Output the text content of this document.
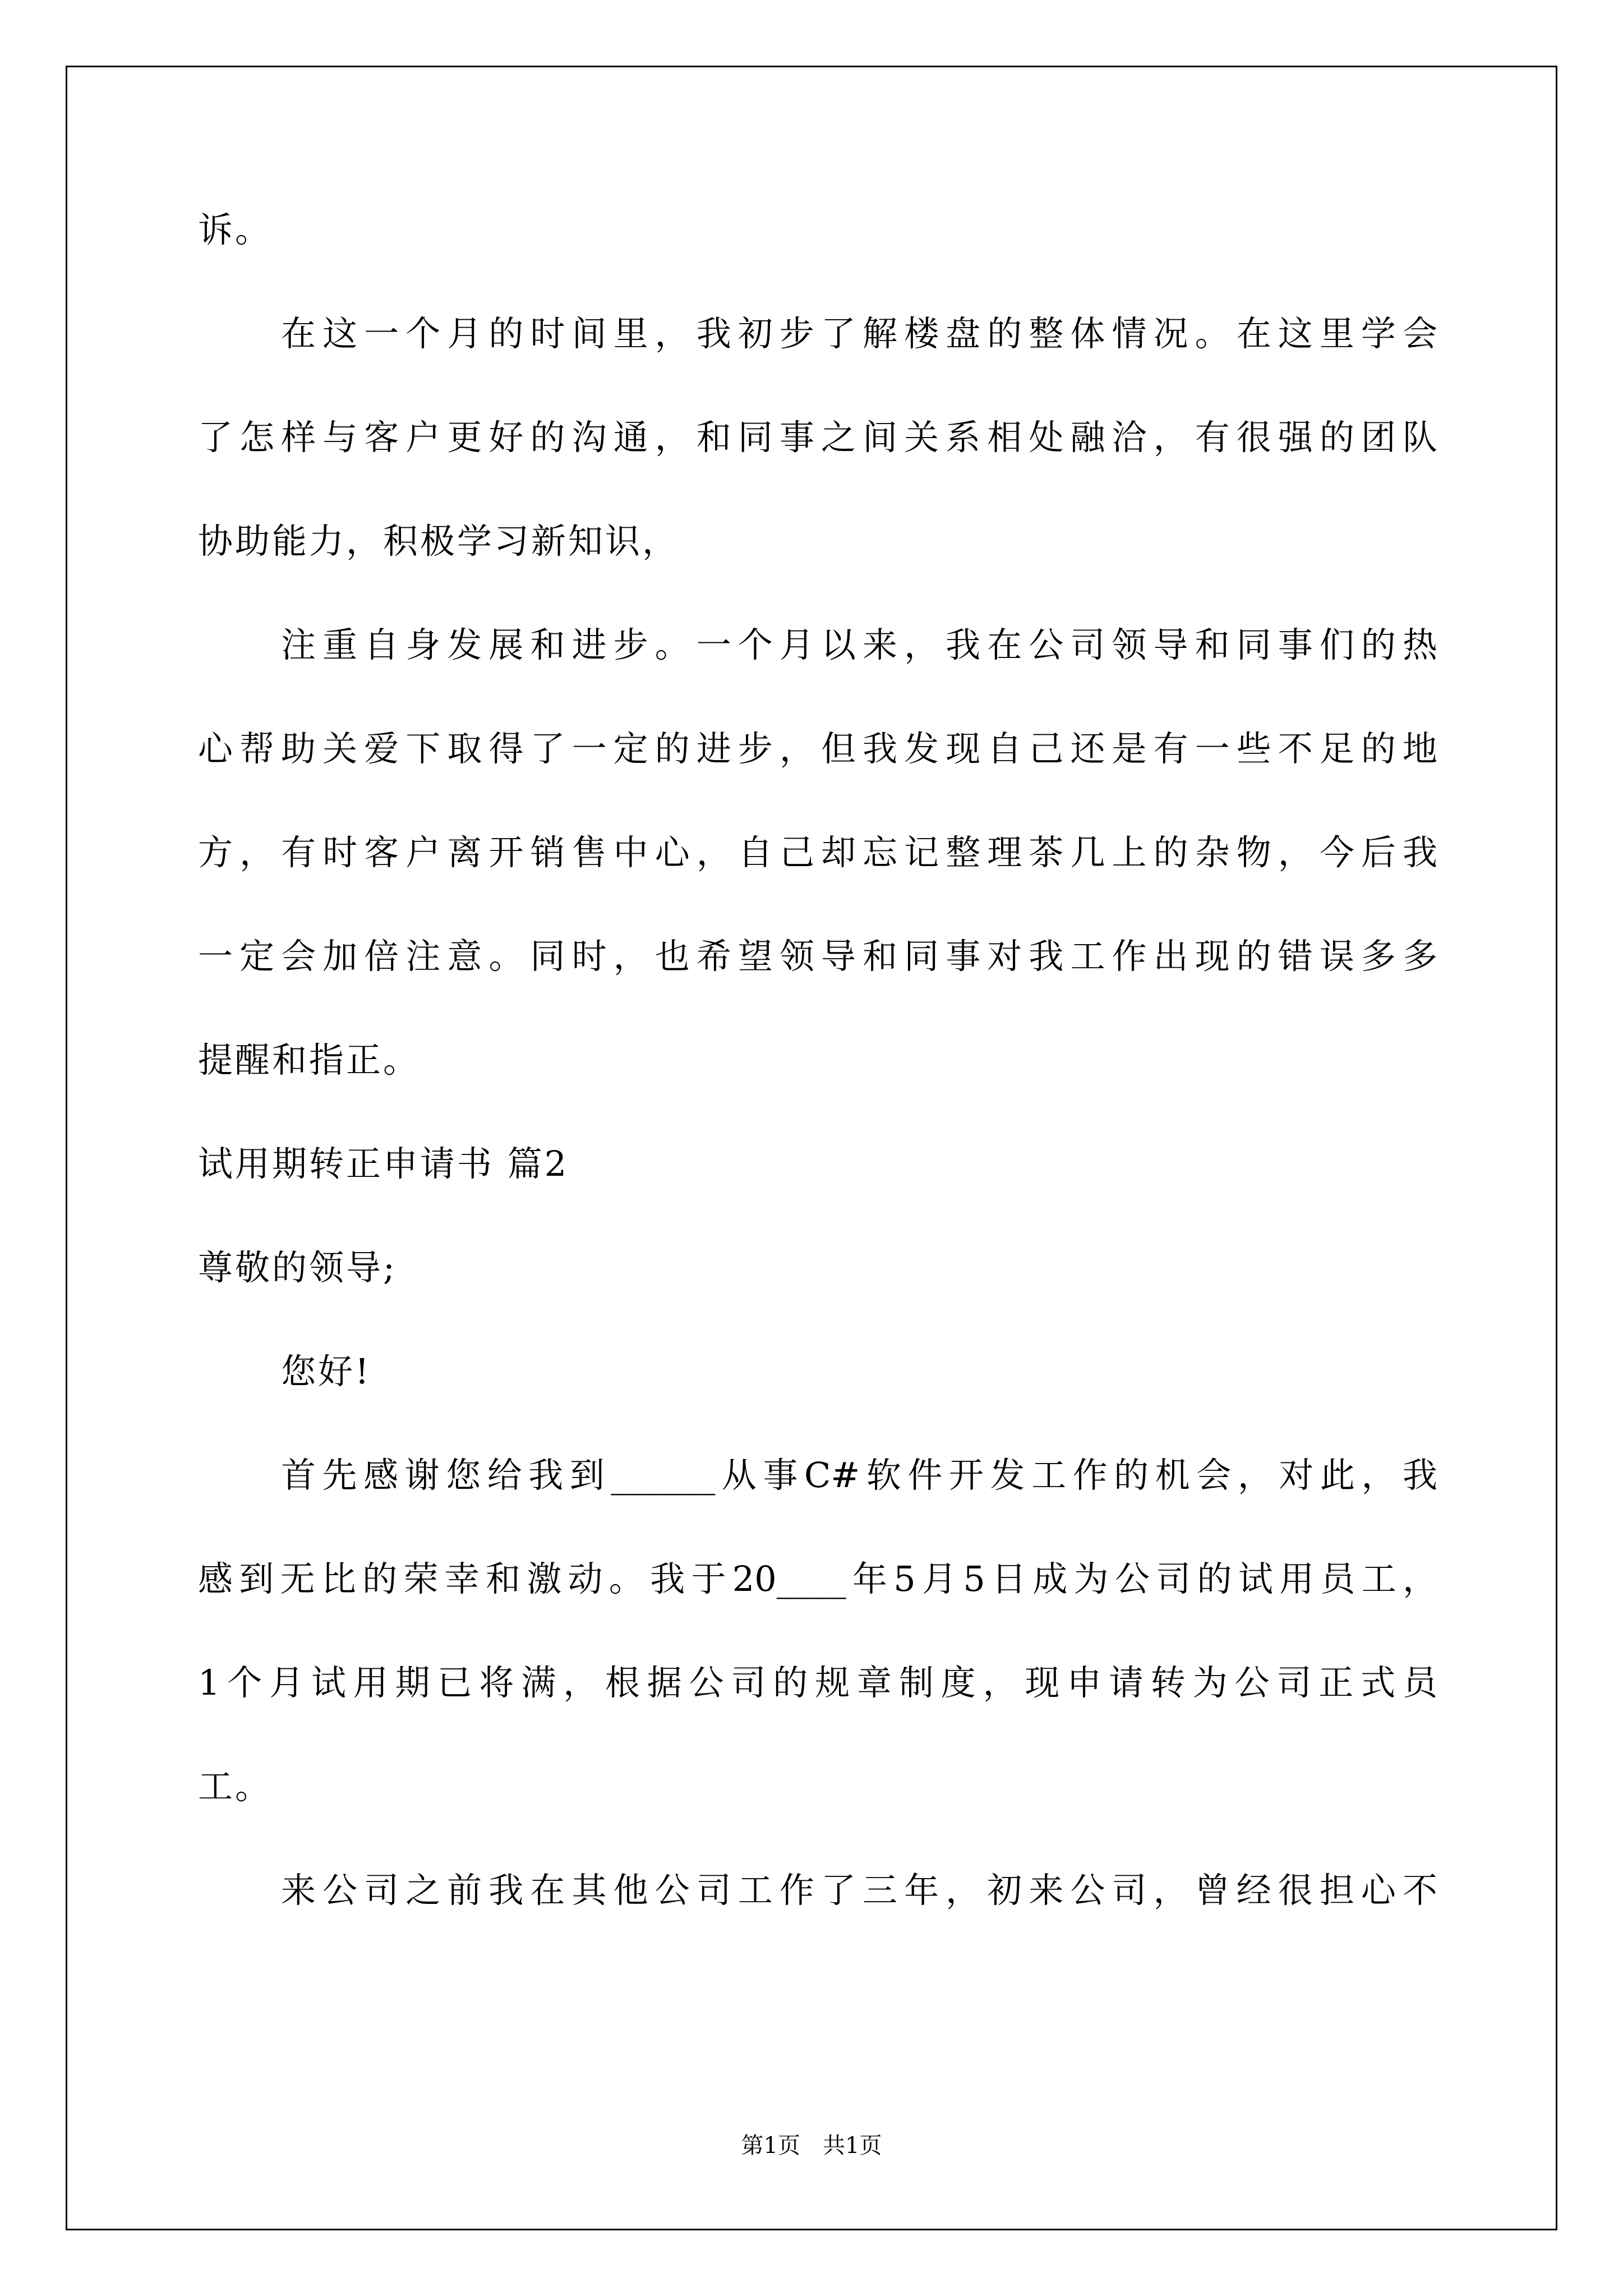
诉。
在这一个月的时间里，我初步了解楼盘的整体情况。在这里学会
了怎样与客户更好的沟通，和同事之间关系相处融洽，有很强的团队
协助能力，积极学习新知识，
注重自身发展和进步。一个月以来，我在公司领导和同事们的热
心帮助关爱下取得了一定的进步，但我发现自己还是有一些不足的地
方，有时客户离开销售中心，自己却忘记整理茶几上的杂物，今后我
一定会加倍注意。同时，也希望领导和同事对我工作出现的错误多多
提醒和指正。
试用期转正申请书 篇2
尊敬的领导;
您好!
首先感谢您给我到______从事C#软件开发工作的机会，对此，我
感到无比的荣幸和激动。我于20____年5月5日成为公司的试用员工，
1个月试用期已将满，根据公司的规章制度，现申请转为公司正式员
工。
来公司之前我在其他公司工作了三年，初来公司，曾经很担心不
第1页　共1页
